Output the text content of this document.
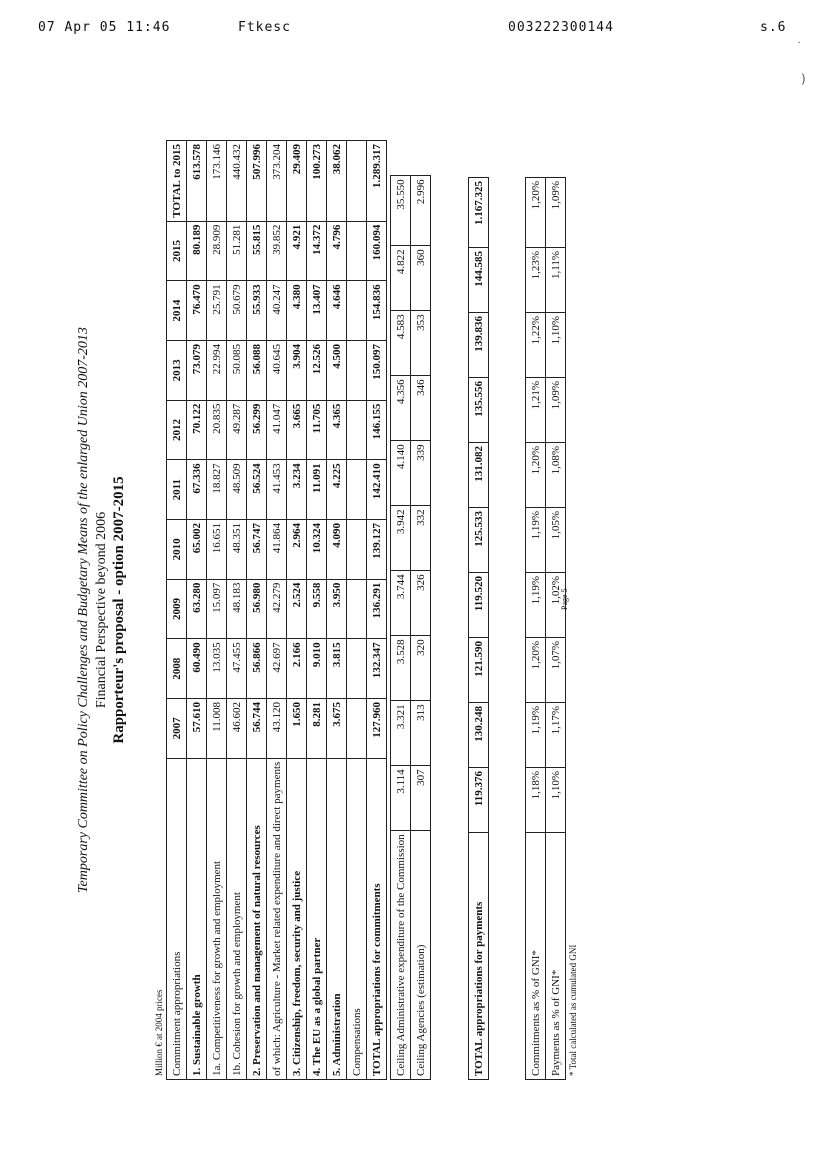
07 Apr 05 11:46	Ftkesc	003222300144	s.6
˙
)
Temporary Committee on Policy Challenges and Budgetary Means of the enlarged Union 2007-2013 Financial Perspective beyond 2006 Rapporteur's proposal - option 2007-2015
Million € at 2004 prices Commitment appropriations	2007	2008	2009	2010	2011	2012	2013	2014	2015	TOTAL to 2015
1. Sustainable growth	57.610	60.490	63.280	65.002	67.336	70.122	73.079	76.470	80.189	613.578
1a. Competitiveness for growth and employment	11.008	13.035	15.097	16.651	18.827	20.835	22.994	25.791	28.909	173.146
1b. Cohesion for growth and employment	46.602	47.455	48.183	48.351	48.509	49.287	50.085	50.679	51.281	440.432
2. Preservation and management of natural resources	56.744	56.866	56.980	56.747	56.524	56.299	56.088	55.933	55.815	507.996
of which: Agriculture - Market related expenditure and direct payments	43.120	42.697	42.279	41.864	41.453	41.047	40.645	40.247	39.852	373.204
3. Citizenship, freedom, security and justice	1.650	2.166	2.524	2.964	3.234	3.665	3.904	4.380	4.921	29.409
4. The EU as a global partner	8.281	9.010	9.558	10.324	11.091	11.705	12.526	13.407	14.372	100.273
5. Administration	3.675	3.815	3.950	4.090	4.225	4.365	4.500	4.646	4.796	38.062
Compensations										
TOTAL appropriations for commitments	127.960	132.347	136.291	139.127	142.410	146.155	150.097	154.836	160.094	1.289.317
Ceiling Administrative expenditure of the Commission	3.114	3.321	3.528	3.744	3.942	4.140	4.356	4.583	4.822	35.550
Ceiling Agencies (estimation)	307	313	320	326	332	339	346	353	360	2.996
TOTAL appropriations for payments	119.376	130.248	121.590	119.520	125.533	131.082	135.556	139.836	144.585	1.167.325
Commitments as % of GNI*	1,18%	1,19%	1,20%	1,19%	1,19%	1,20%	1,21%	1,22%	1,23%	1,20%
Payments as % of GNI*	1,10%	1,17%	1,07%	1,02%	1,05%	1,08%	1,09%	1,10%	1,11%	1,09%
* Total calculated as cumulated GNI
Page 5
